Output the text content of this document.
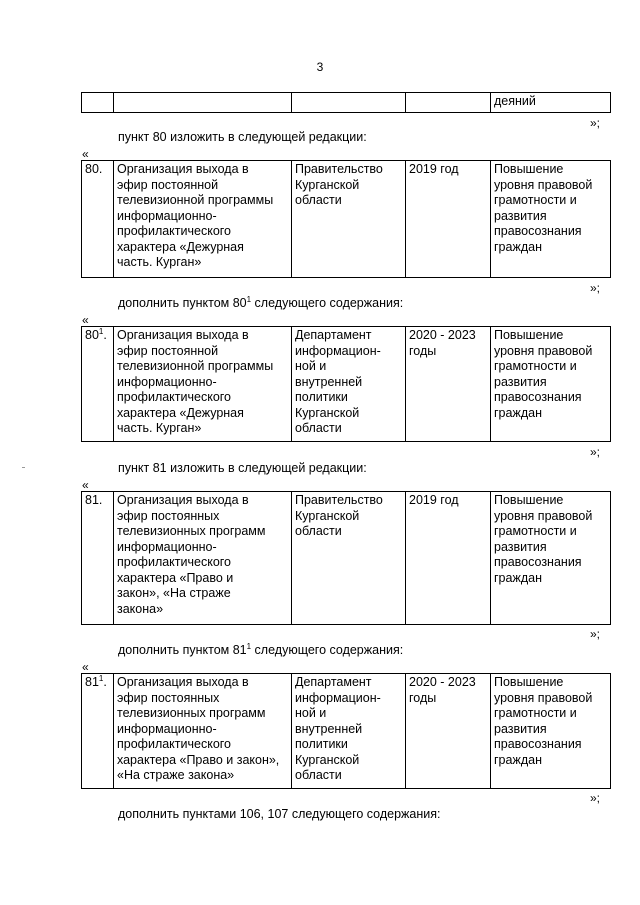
3
				деяний
»;
пункт 80 изложить в следующей редакции:
«
80.	Организация выхода в
эфир постоянной
телевизионной программы
информационно-
профилактического
характера «Дежурная
часть. Курган»	Правительство
Курганской
области	2019 год	Повышение
уровня правовой
грамотности и
развития
правосознания
граждан
»;
дополнить пунктом $80^1$ следующего содержания:
«
$80^1$.	Организация выхода в
эфир постоянной
телевизионной программы
информационно-
профилактического
характера «Дежурная
часть. Курган»	Департамент
информацион-
ной и
внутренней
политики
Курганской
области	2020 - 2023
годы	Повышение
уровня правовой
грамотности и
развития
правосознания
граждан
»;
пункт 81 изложить в следующей редакции:
«
81.	Организация выхода в
эфир постоянных
телевизионных программ
информационно-
профилактического
характера «Право и
закон», «На страже
закона»	Правительство
Курганской
области	2019 год	Повышение
уровня правовой
грамотности и
развития
правосознания
граждан
»;
дополнить пунктом $81^1$ следующего содержания:
«
$81^1$.	Организация выхода в
эфир постоянных
телевизионных программ
информационно-
профилактического
характера «Право и закон»,
«На страже закона»	Департамент
информацион-
ной и
внутренней
политики
Курганской
области	2020 - 2023
годы	Повышение
уровня правовой
грамотности и
развития
правосознания
граждан
»;
дополнить пунктами 106, 107 следующего содержания:
